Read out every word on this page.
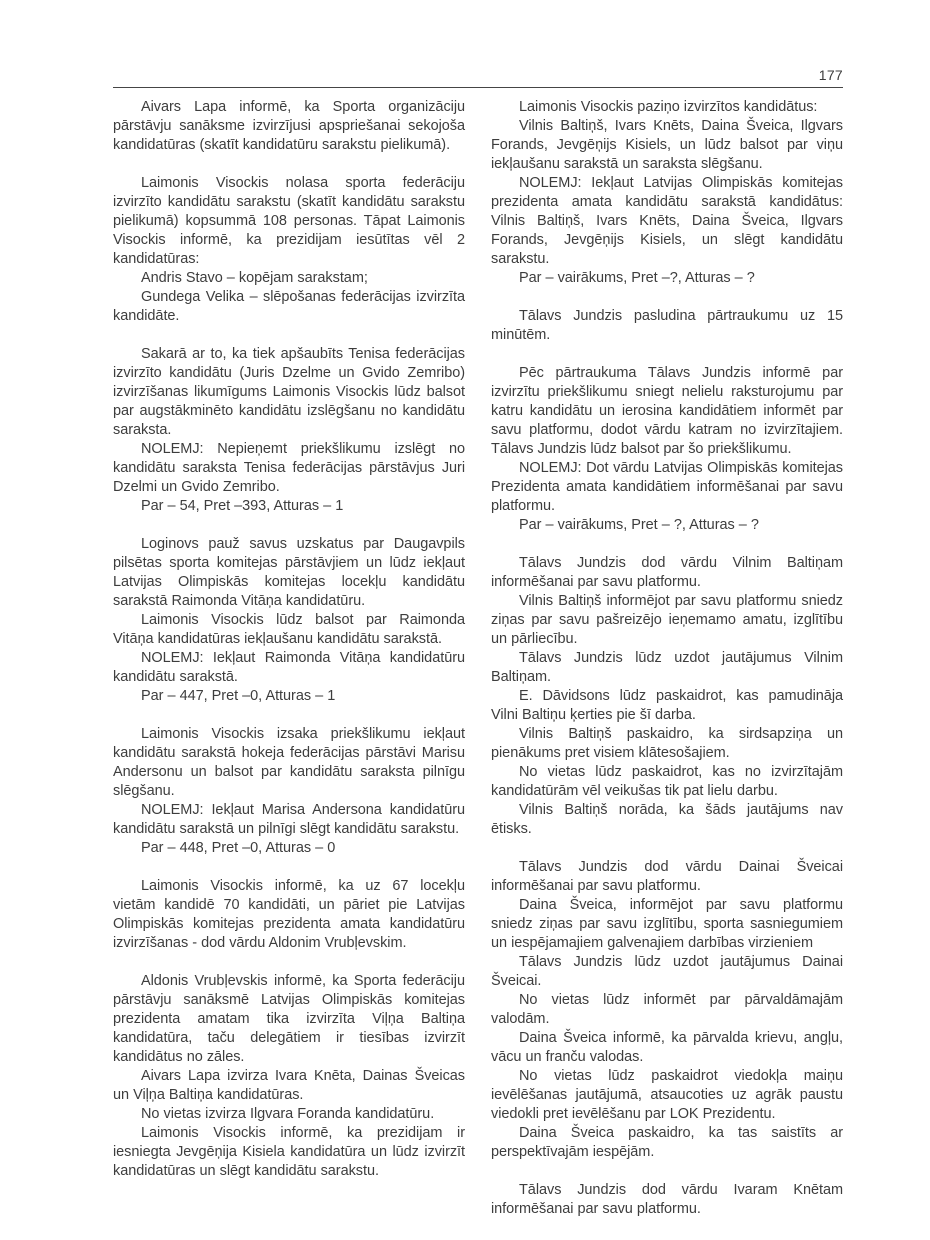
177

Aivars Lapa informē, ka Sporta organizāciju pārstāvju sanāksme izvirzījusi apspriešanai sekojoša kandidatūras (skatīt kandidatūru sarakstu pielikumā).

Laimonis Visockis nolasa sporta federāciju izvirzīto kandidātu sarakstu (skatīt kandidātu sarakstu pielikumā) kopsummā 108 personas. Tāpat Laimonis Visockis informē, ka prezidijam iesūtītas vēl 2 kandidatūras:

Andris Stavo – kopējam sarakstam;

Gundega Velika – slēpošanas federācijas izvirzīta kandidāte.

Sakarā ar to, ka tiek apšaubīts Tenisa federācijas izvirzīto kandidātu (Juris Dzelme un Gvido Zemribo) izvirzīšanas likumīgums Laimonis Visockis lūdz balsot par augstākminēto kandidātu izslēgšanu no kandidātu saraksta.

NOLEMJ: Nepieņemt priekšlikumu izslēgt no kandidātu saraksta Tenisa federācijas pārstāvjus Juri Dzelmi un Gvido Zemribo.

Par – 54, Pret –393, Atturas – 1

Loginovs pauž savus uzskatus par Daugavpils pilsētas sporta komitejas pārstāvjiem un lūdz iekļaut Latvijas Olimpiskās komitejas locekļu kandidātu sarakstā Raimonda Vitāņa kandidatūru.

Laimonis Visockis lūdz balsot par Raimonda Vitāņa kandidatūras iekļaušanu kandidātu sarakstā.

NOLEMJ: Iekļaut Raimonda Vitāņa kandidatūru kandidātu sarakstā.

Par – 447, Pret –0, Atturas – 1

Laimonis Visockis izsaka priekšlikumu iekļaut kandidātu sarakstā hokeja federācijas pārstāvi Marisu Andersonu un balsot par kandidātu saraksta pilnīgu slēgšanu.

NOLEMJ: Iekļaut Marisa Andersona kandidatūru kandidātu sarakstā un pilnīgi slēgt kandidātu sarakstu.

Par – 448, Pret –0, Atturas – 0

Laimonis Visockis informē, ka uz 67 locekļu vietām kandidē 70 kandidāti, un pāriet pie Latvijas Olimpiskās komitejas prezidenta amata kandidatūru izvirzīšanas - dod vārdu Aldonim Vrubļevskim.

Aldonis Vrubļevskis informē, ka Sporta federāciju pārstāvju sanāksmē Latvijas Olimpiskās komitejas prezidenta amatam tika izvirzīta Viļņa Baltiņa kandidatūra, taču delegātiem ir tiesības izvirzīt kandidātus no zāles.

Aivars Lapa izvirza Ivara Knēta, Dainas Šveicas un Viļņa Baltiņa kandidatūras.

No vietas izvirza Ilgvara Foranda kandidatūru.

Laimonis Visockis informē, ka prezidijam ir iesniegta Jevgēņija Kisiela kandidatūra un lūdz izvirzīt kandidatūras un slēgt kandidātu sarakstu.

Laimonis Visockis paziņo izvirzītos kandidātus:

Vilnis Baltiņš, Ivars Knēts, Daina Šveica, Ilgvars Forands, Jevgēņijs Kisiels, un lūdz balsot par viņu iekļaušanu sarakstā un saraksta slēgšanu.

NOLEMJ: Iekļaut Latvijas Olimpiskās komitejas prezidenta amata kandidātu sarakstā kandidātus: Vilnis Baltiņš, Ivars Knēts, Daina Šveica, Ilgvars Forands, Jevgēņijs Kisiels, un slēgt kandidātu sarakstu.

Par – vairākums, Pret –?, Atturas – ?

Tālavs Jundzis pasludina pārtraukumu uz 15 minūtēm.

Pēc pārtraukuma Tālavs Jundzis informē par izvirzītu priekšlikumu sniegt nelielu raksturojumu par katru kandidātu un ierosina kandidātiem informēt par savu platformu, dodot vārdu katram no izvirzītajiem. Tālavs Jundzis lūdz balsot par šo priekšlikumu.

NOLEMJ: Dot vārdu Latvijas Olimpiskās komitejas Prezidenta amata kandidātiem informēšanai par savu platformu.

Par – vairākums, Pret – ?, Atturas – ?

Tālavs Jundzis dod vārdu Vilnim Baltiņam informēšanai par savu platformu.

Vilnis Baltiņš informējot par savu platformu sniedz ziņas par savu pašreizējo ieņemamo amatu, izglītību un pārliecību.

Tālavs Jundzis lūdz uzdot jautājumus Vilnim Baltiņam.

E. Dāvidsons lūdz paskaidrot, kas pamudināja Vilni Baltiņu ķerties pie šī darba.

Vilnis Baltiņš paskaidro, ka sirdsapziņa un pienākums pret visiem klātesošajiem.

No vietas lūdz paskaidrot, kas no izvirzītajām kandidatūrām vēl veikušas tik pat lielu darbu.

Vilnis Baltiņš norāda, ka šāds jautājums nav ētisks.

Tālavs Jundzis dod vārdu Dainai Šveicai informēšanai par savu platformu.

Daina Šveica, informējot par savu platformu sniedz ziņas par savu izglītību, sporta sasniegumiem un iespējamajiem galvenajiem darbības virzieniem

Tālavs Jundzis lūdz uzdot jautājumus Dainai Šveicai.

No vietas lūdz informēt par pārvaldāmajām valodām.

Daina Šveica informē, ka pārvalda krievu, angļu, vācu un franču valodas.

No vietas lūdz paskaidrot viedokļa maiņu ievēlēšanas jautājumā, atsaucoties uz agrāk paustu viedokli pret ievēlēšanu par LOK Prezidentu.

Daina Šveica paskaidro, ka tas saistīts ar perspektīvajām iespējām.

Tālavs Jundzis dod vārdu Ivaram Knētam informēšanai par savu platformu.
